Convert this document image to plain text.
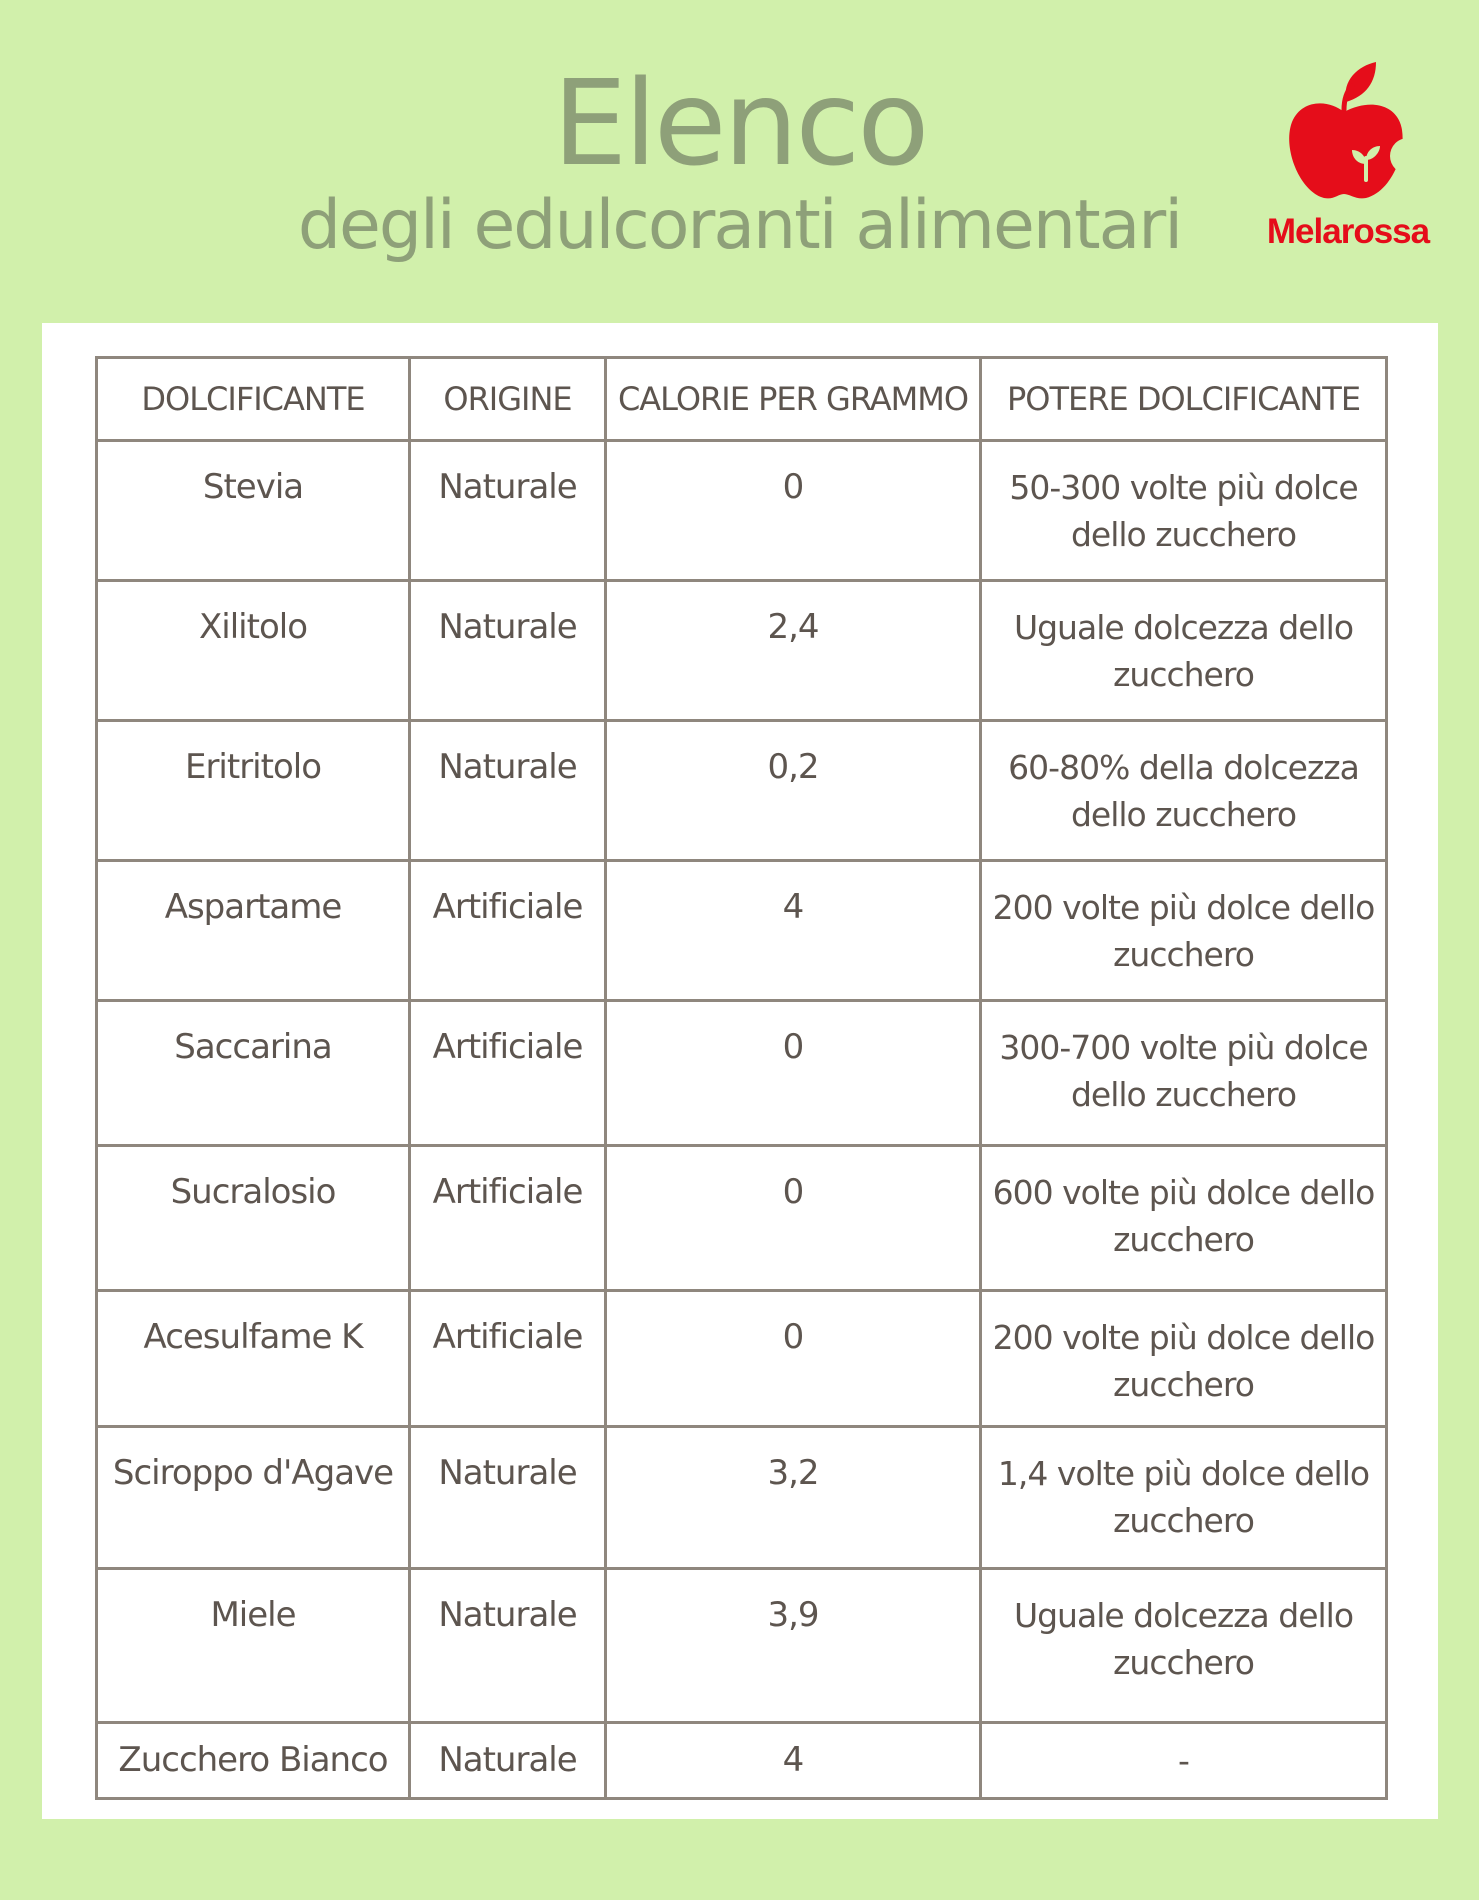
Elenco
degli edulcoranti alimentari	Melarossa
DOLCIFICANTE	ORIGINE	CALORIE PER GRAMMO	POTERE DOLCIFICANTE
Stevia	Naturale	0	50-300 volte più dolce dello zucchero
Xilitolo	Naturale	2,4	Uguale dolcezza dello zucchero
Eritritolo	Naturale	0,2	60-80% della dolcezza dello zucchero
Aspartame	Artificiale	4	200 volte più dolce dello zucchero
Saccarina	Artificiale	0	300-700 volte più dolce dello zucchero
Sucralosio	Artificiale	0	600 volte più dolce dello zucchero
Acesulfame K	Artificiale	0	200 volte più dolce dello zucchero
Sciroppo d'Agave	Naturale	3,2	1,4 volte più dolce dello zucchero
Miele	Naturale	3,9	Uguale dolcezza dello zucchero
Zucchero Bianco	Naturale	4	-
